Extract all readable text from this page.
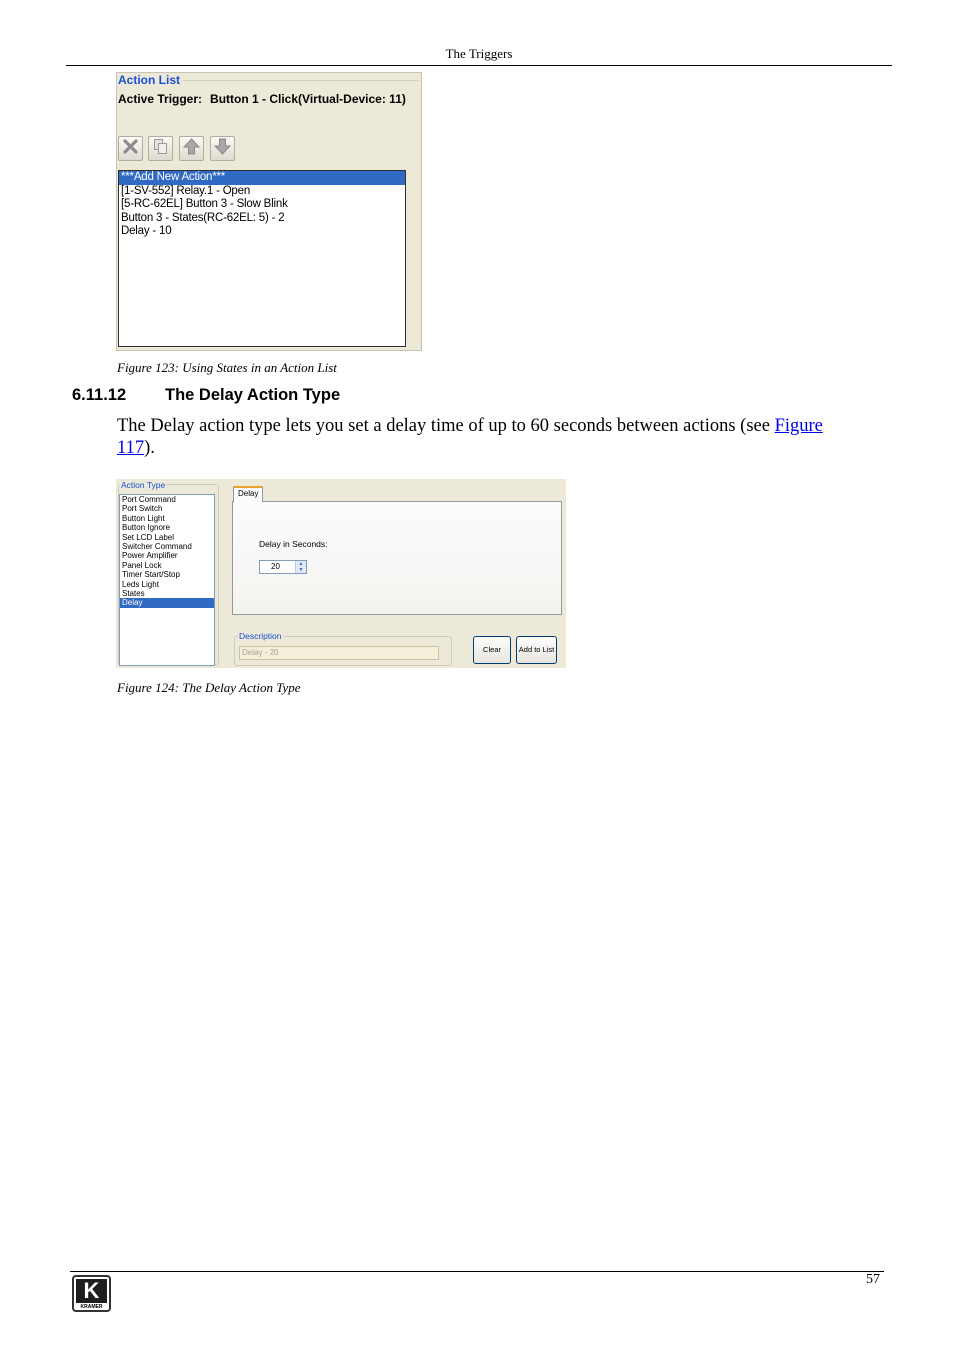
The Triggers
Action List
Active Trigger: Button 1 - Click(Virtual-Device: 11)
***Add New Action***
[1-SV-552] Relay.1 - Open
[5-RC-62EL] Button 3 - Slow Blink
Button 3 - States(RC-62EL: 5) - 2
Delay - 10
Figure 123: Using States in an Action List
6.11.12 The Delay Action Type
The Delay action type lets you set a delay time of up to 60 seconds between actions (see Figure 117).
Action Type
Port Command
Port Switch
Button Light
Button Ignore
Set LCD Label
Switcher Command
Power Amplifier
Panel Lock
Timer Start/Stop
Leds Light
States
Delay
Delay
Delay in Seconds:
20	▲
▼
Description
Delay - 20	Clear Add to List
Figure 124: The Delay Action Type
K
KRAMER
57
